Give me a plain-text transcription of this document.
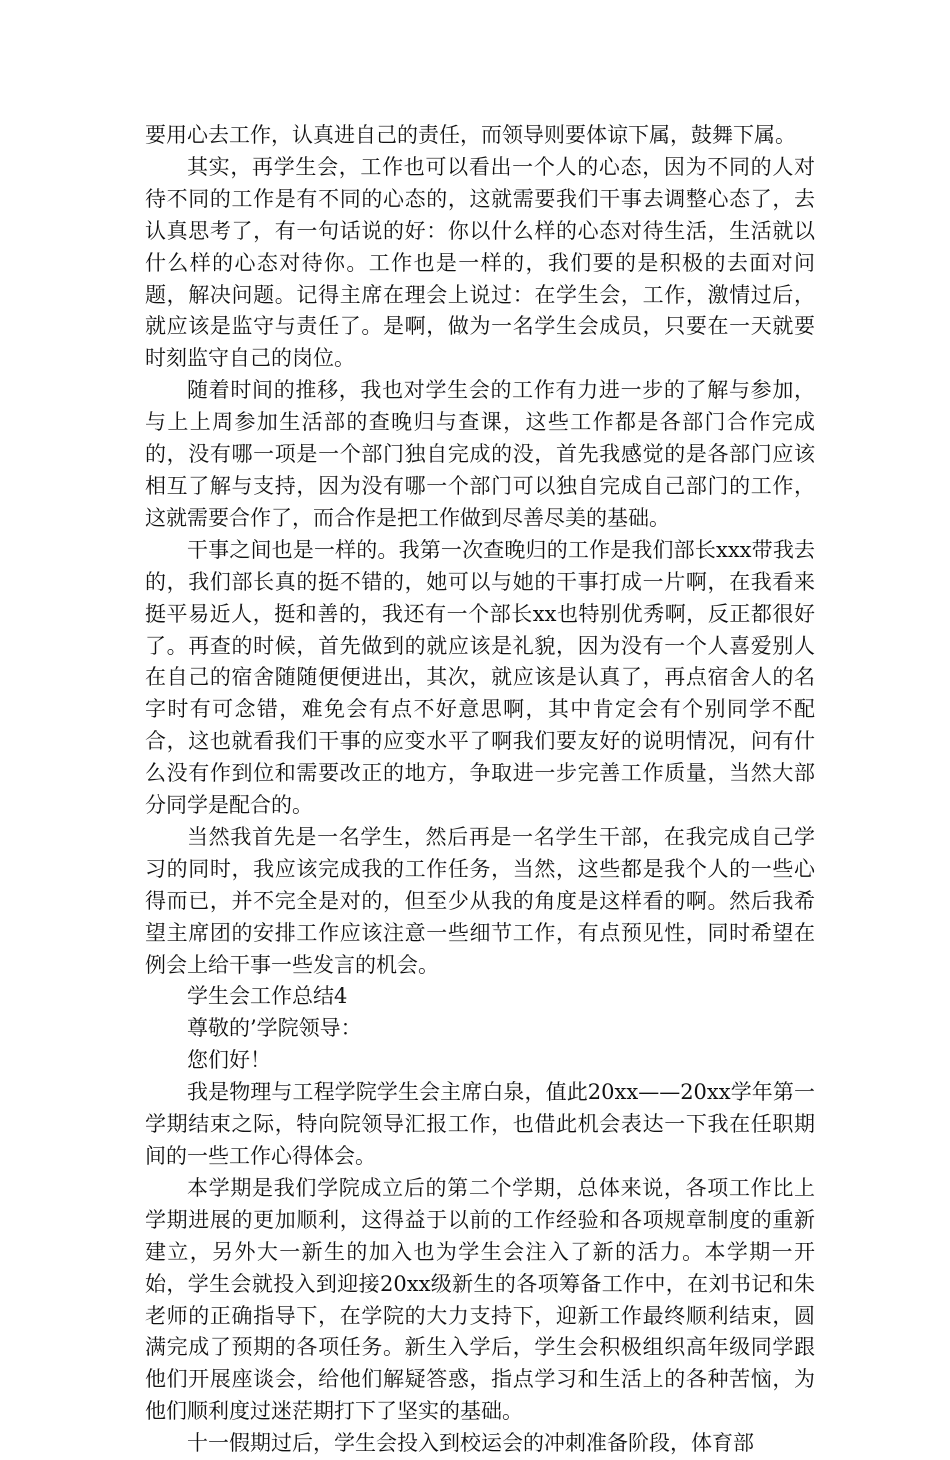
要用心去工作，认真进自己的责任，而领导则要体谅下属，鼓舞下属。

其实，再学生会，工作也可以看出一个人的心态，因为不同的人对待不同的工作是有不同的心态的，这就需要我们干事去调整心态了，去认真思考了，有一句话说的好：你以什么样的心态对待生活，生活就以什么样的心态对待你。工作也是一样的，我们要的是积极的去面对问题，解决问题。记得主席在理会上说过：在学生会，工作，激情过后，就应该是监守与责任了。是啊，做为一名学生会成员，只要在一天就要时刻监守自己的岗位。

随着时间的推移，我也对学生会的工作有力进一步的了解与参加，与上上周参加生活部的查晚归与查课，这些工作都是各部门合作完成的，没有哪一项是一个部门独自完成的没，首先我感觉的是各部门应该相互了解与支持，因为没有哪一个部门可以独自完成自己部门的工作，这就需要合作了，而合作是把工作做到尽善尽美的基础。

干事之间也是一样的。我第一次查晚归的工作是我们部长xxx带我去的，我们部长真的挺不错的，她可以与她的干事打成一片啊，在我看来挺平易近人，挺和善的，我还有一个部长xx也特别优秀啊，反正都很好了。再查的时候，首先做到的就应该是礼貌，因为没有一个人喜爱别人在自己的宿舍随随便便进出，其次，就应该是认真了，再点宿舍人的名字时有可念错，难免会有点不好意思啊，其中肯定会有个别同学不配合，这也就看我们干事的应变水平了啊我们要友好的说明情况，问有什么没有作到位和需要改正的地方，争取进一步完善工作质量，当然大部分同学是配合的。

当然我首先是一名学生，然后再是一名学生干部，在我完成自己学习的同时，我应该完成我的工作任务，当然，这些都是我个人的一些心得而已，并不完全是对的，但至少从我的角度是这样看的啊。然后我希望主席团的安排工作应该注意一些细节工作，有点预见性，同时希望在例会上给干事一些发言的机会。

学生会工作总结4

尊敬的’学院领导：

您们好！

我是物理与工程学院学生会主席白泉，值此20xx——20xx学年第一学期结束之际，特向院领导汇报工作，也借此机会表达一下我在任职期间的一些工作心得体会。

本学期是我们学院成立后的第二个学期，总体来说，各项工作比上学期进展的更加顺利，这得益于以前的工作经验和各项规章制度的重新建立，另外大一新生的加入也为学生会注入了新的活力。本学期一开始，学生会就投入到迎接20xx级新生的各项筹备工作中，在刘书记和朱老师的正确指导下，在学院的大力支持下，迎新工作最终顺利结束，圆满完成了预期的各项任务。新生入学后，学生会积极组织高年级同学跟他们开展座谈会，给他们解疑答惑，指点学习和生活上的各种苦恼，为他们顺利度过迷茫期打下了坚实的基础。

十一假期过后，学生会投入到校运会的冲刺准备阶段，体育部
